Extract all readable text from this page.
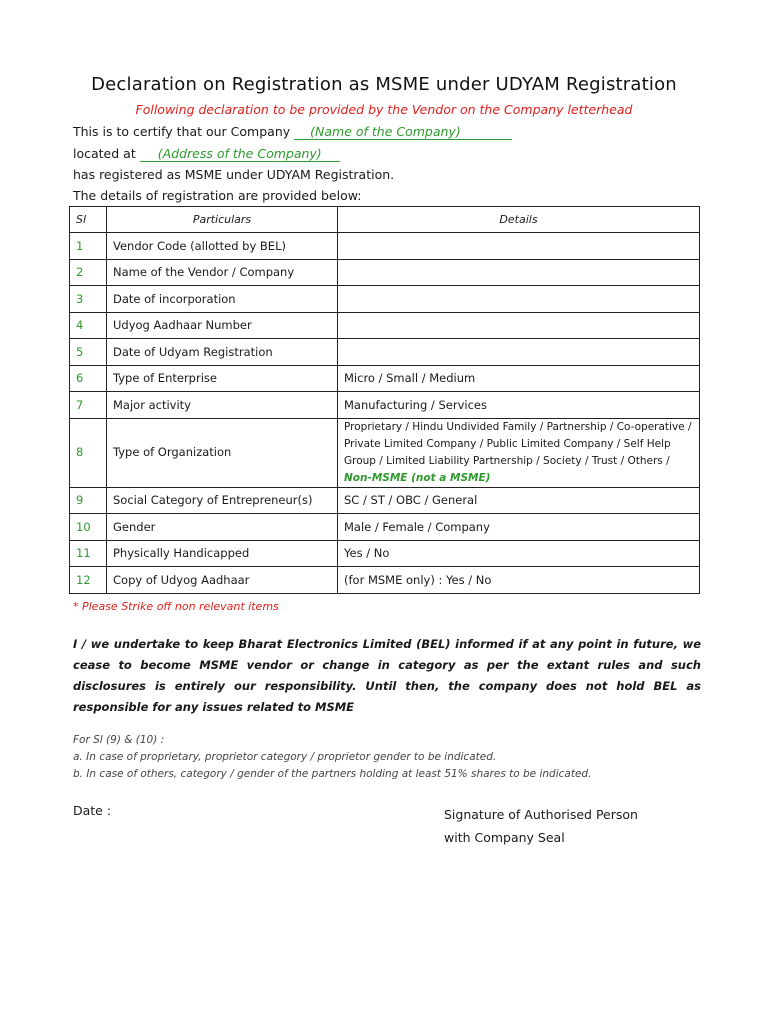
Declaration on Registration as MSME under UDYAM Registration
Following declaration to be provided by the Vendor on the Company letterhead
This is to certify that our Company (Name of the Company)
located at (Address of the Company)
has registered as MSME under UDYAM Registration.
The details of registration are provided below:
Sl	Particulars	Details
1	Vendor Code (allotted by BEL)	
2	Name of the Vendor / Company	
3	Date of incorporation	
4	Udyog Aadhaar Number	
5	Date of Udyam Registration	
6	Type of Enterprise	Micro / Small / Medium
7	Major activity	Manufacturing / Services
8	Type of Organization	Proprietary / Hindu Undivided Family / Partnership / Co-operative / Private Limited Company / Public Limited Company / Self Help Group / Limited Liability Partnership / Society / Trust / Others / Non-MSME (not a MSME)
9	Social Category of Entrepreneur(s)	SC / ST / OBC / General
10	Gender	Male / Female / Company
11	Physically Handicapped	Yes / No
12	Copy of Udyog Aadhaar	(for MSME only) : Yes / No
* Please Strike off non relevant items
I / we undertake to keep Bharat Electronics Limited (BEL) informed if at any point in future, we cease to become MSME vendor or change in category as per the extant rules and such disclosures is entirely our responsibility. Until then, the company does not hold BEL as responsible for any issues related to MSME
For Sl (9) & (10) :
a. In case of proprietary, proprietor category / proprietor gender to be indicated.
b. In case of others, category / gender of the partners holding at least 51% shares to be indicated.
Date :	Signature of Authorised Person
with Company Seal
